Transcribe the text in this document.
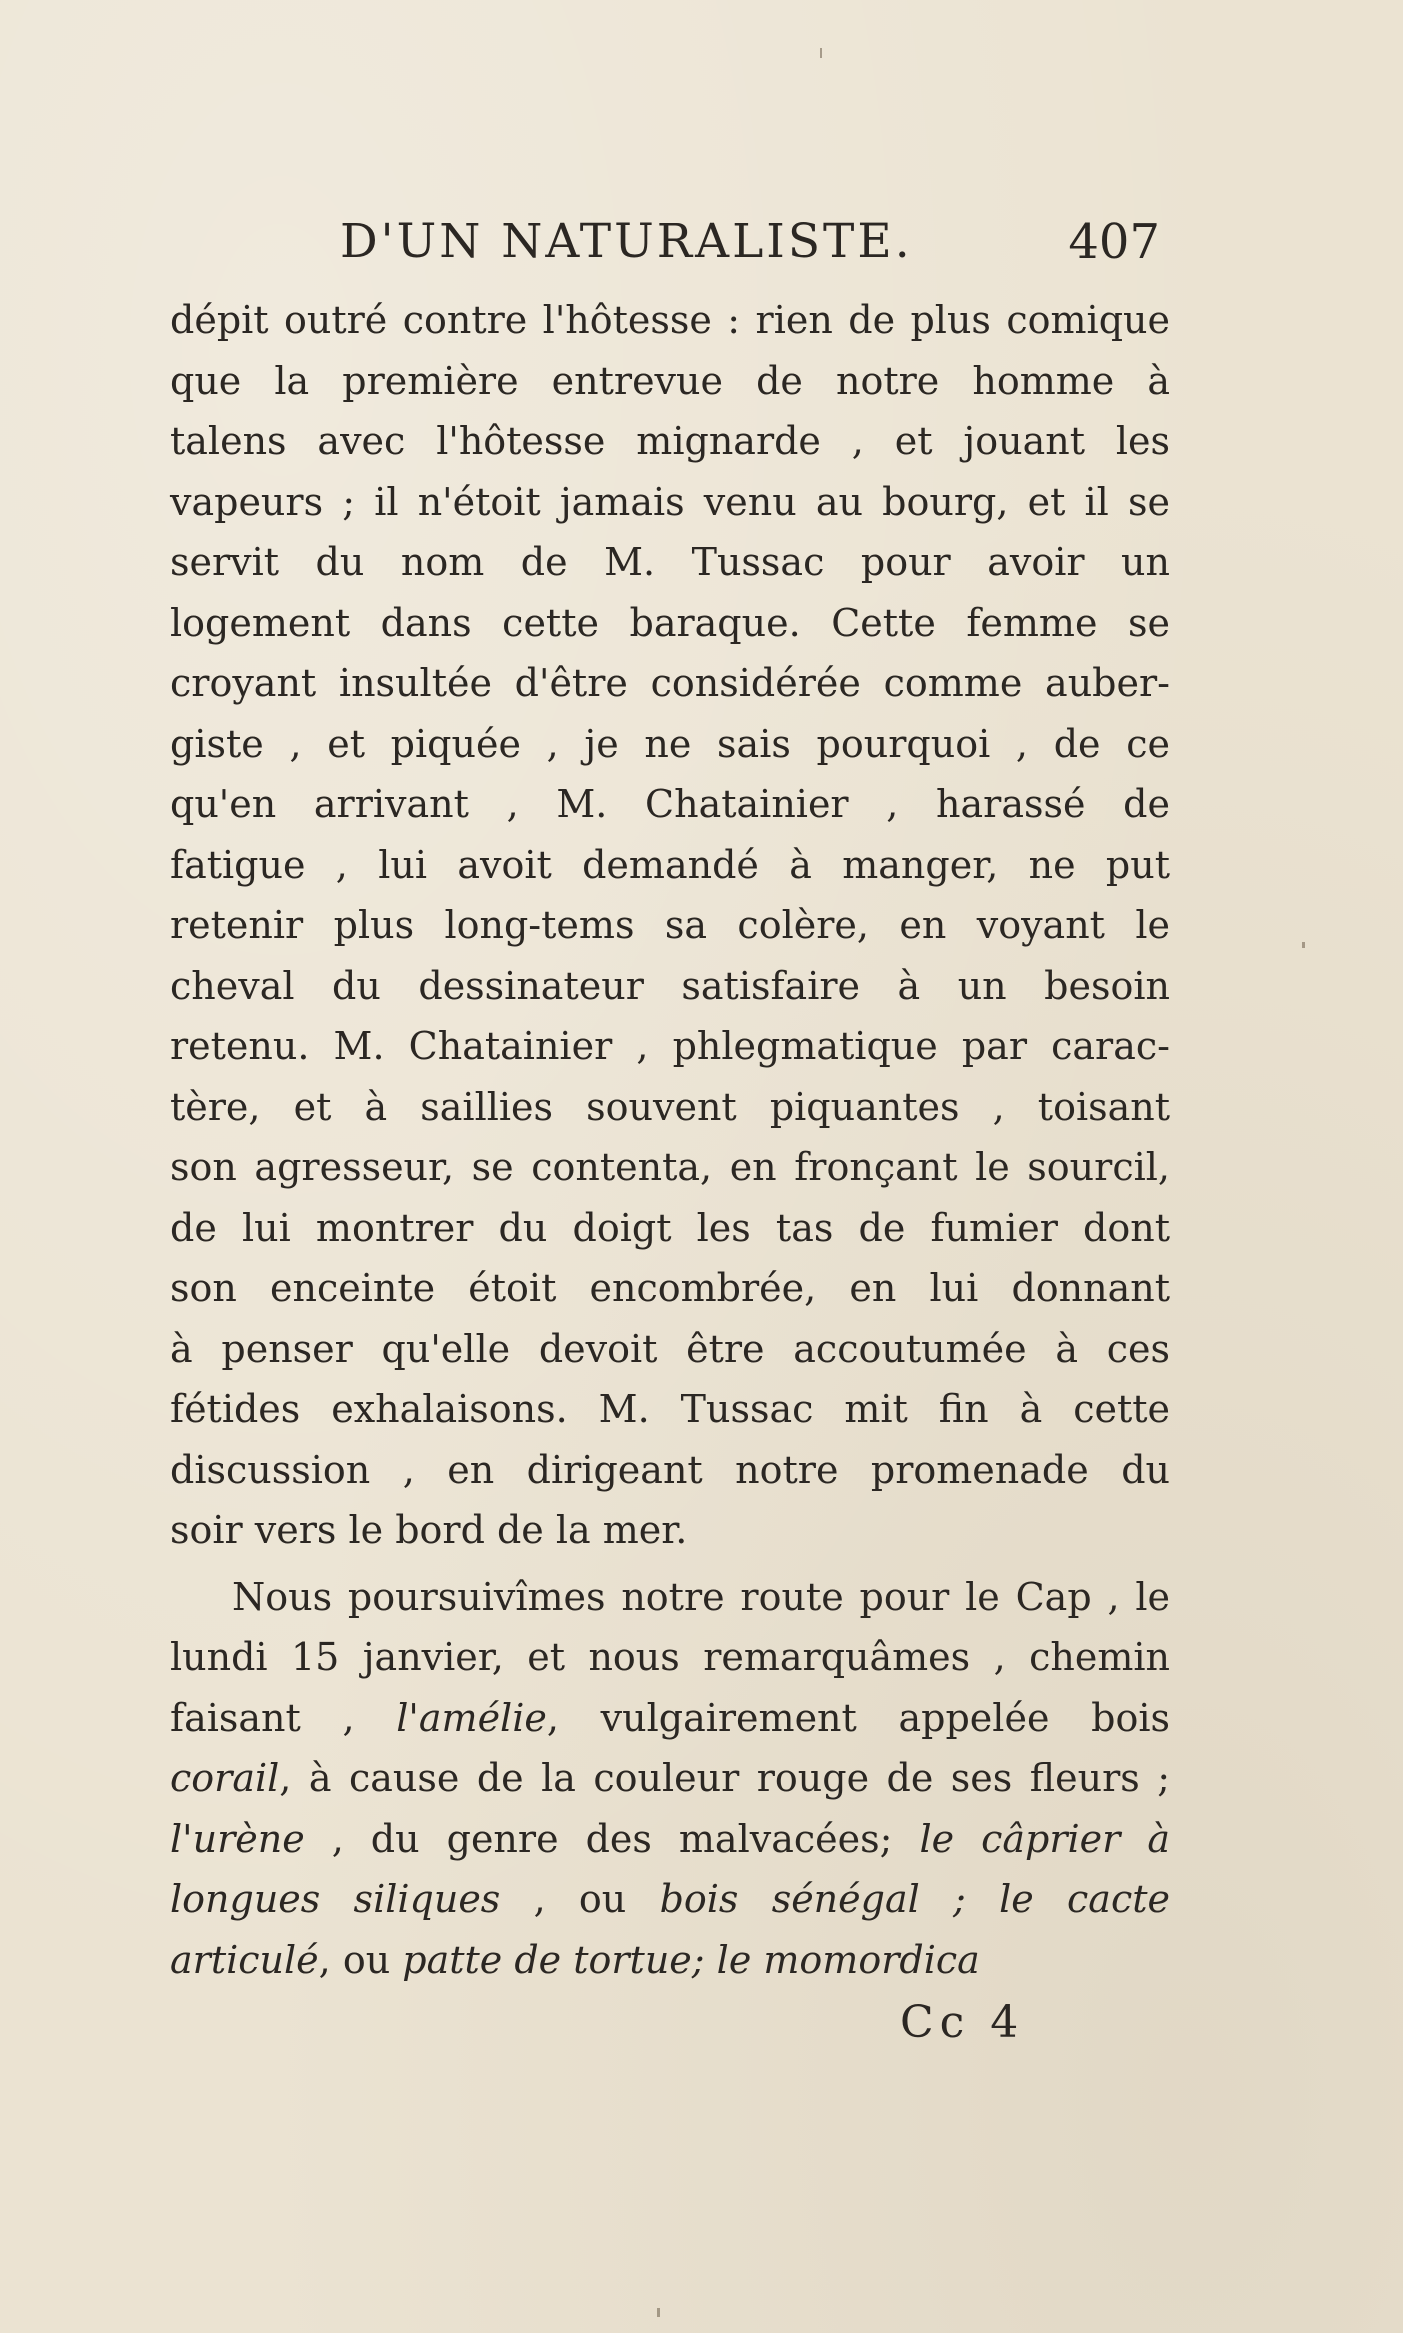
D'UN NATURALISTE.	407
dépit outré contre l'hôtesse : rien de plus comique
que la première entrevue de notre homme à
talens avec l'hôtesse mignarde , et jouant les
vapeurs ; il n'étoit jamais venu au bourg, et il se
servit du nom de M. Tussac pour avoir un
logement dans cette baraque. Cette femme se
croyant insultée d'être considérée comme auber-
giste , et piquée , je ne sais pourquoi , de ce
qu'en arrivant , M. Chatainier , harassé de
fatigue , lui avoit demandé à manger, ne put
retenir plus long-tems sa colère, en voyant le
cheval du dessinateur satisfaire à un besoin
retenu. M. Chatainier , phlegmatique par carac-
tère, et à saillies souvent piquantes , toisant
son agresseur, se contenta, en fronçant le sourcil,
de lui montrer du doigt les tas de fumier dont
son enceinte étoit encombrée, en lui donnant
à penser qu'elle devoit être accoutumée à ces
fétides exhalaisons. M. Tussac mit fin à cette
discussion , en dirigeant notre promenade du
soir vers le bord de la mer.
Nous poursuivîmes notre route pour le Cap , le
lundi 15 janvier, et nous remarquâmes , chemin
faisant , l'amélie, vulgairement appelée bois
corail, à cause de la couleur rouge de ses fleurs ;
l'urène , du genre des malvacées; le câprier à
longues siliques , ou bois sénégal ; le cacte
articulé, ou patte de tortue; le momordica
Cc 4
